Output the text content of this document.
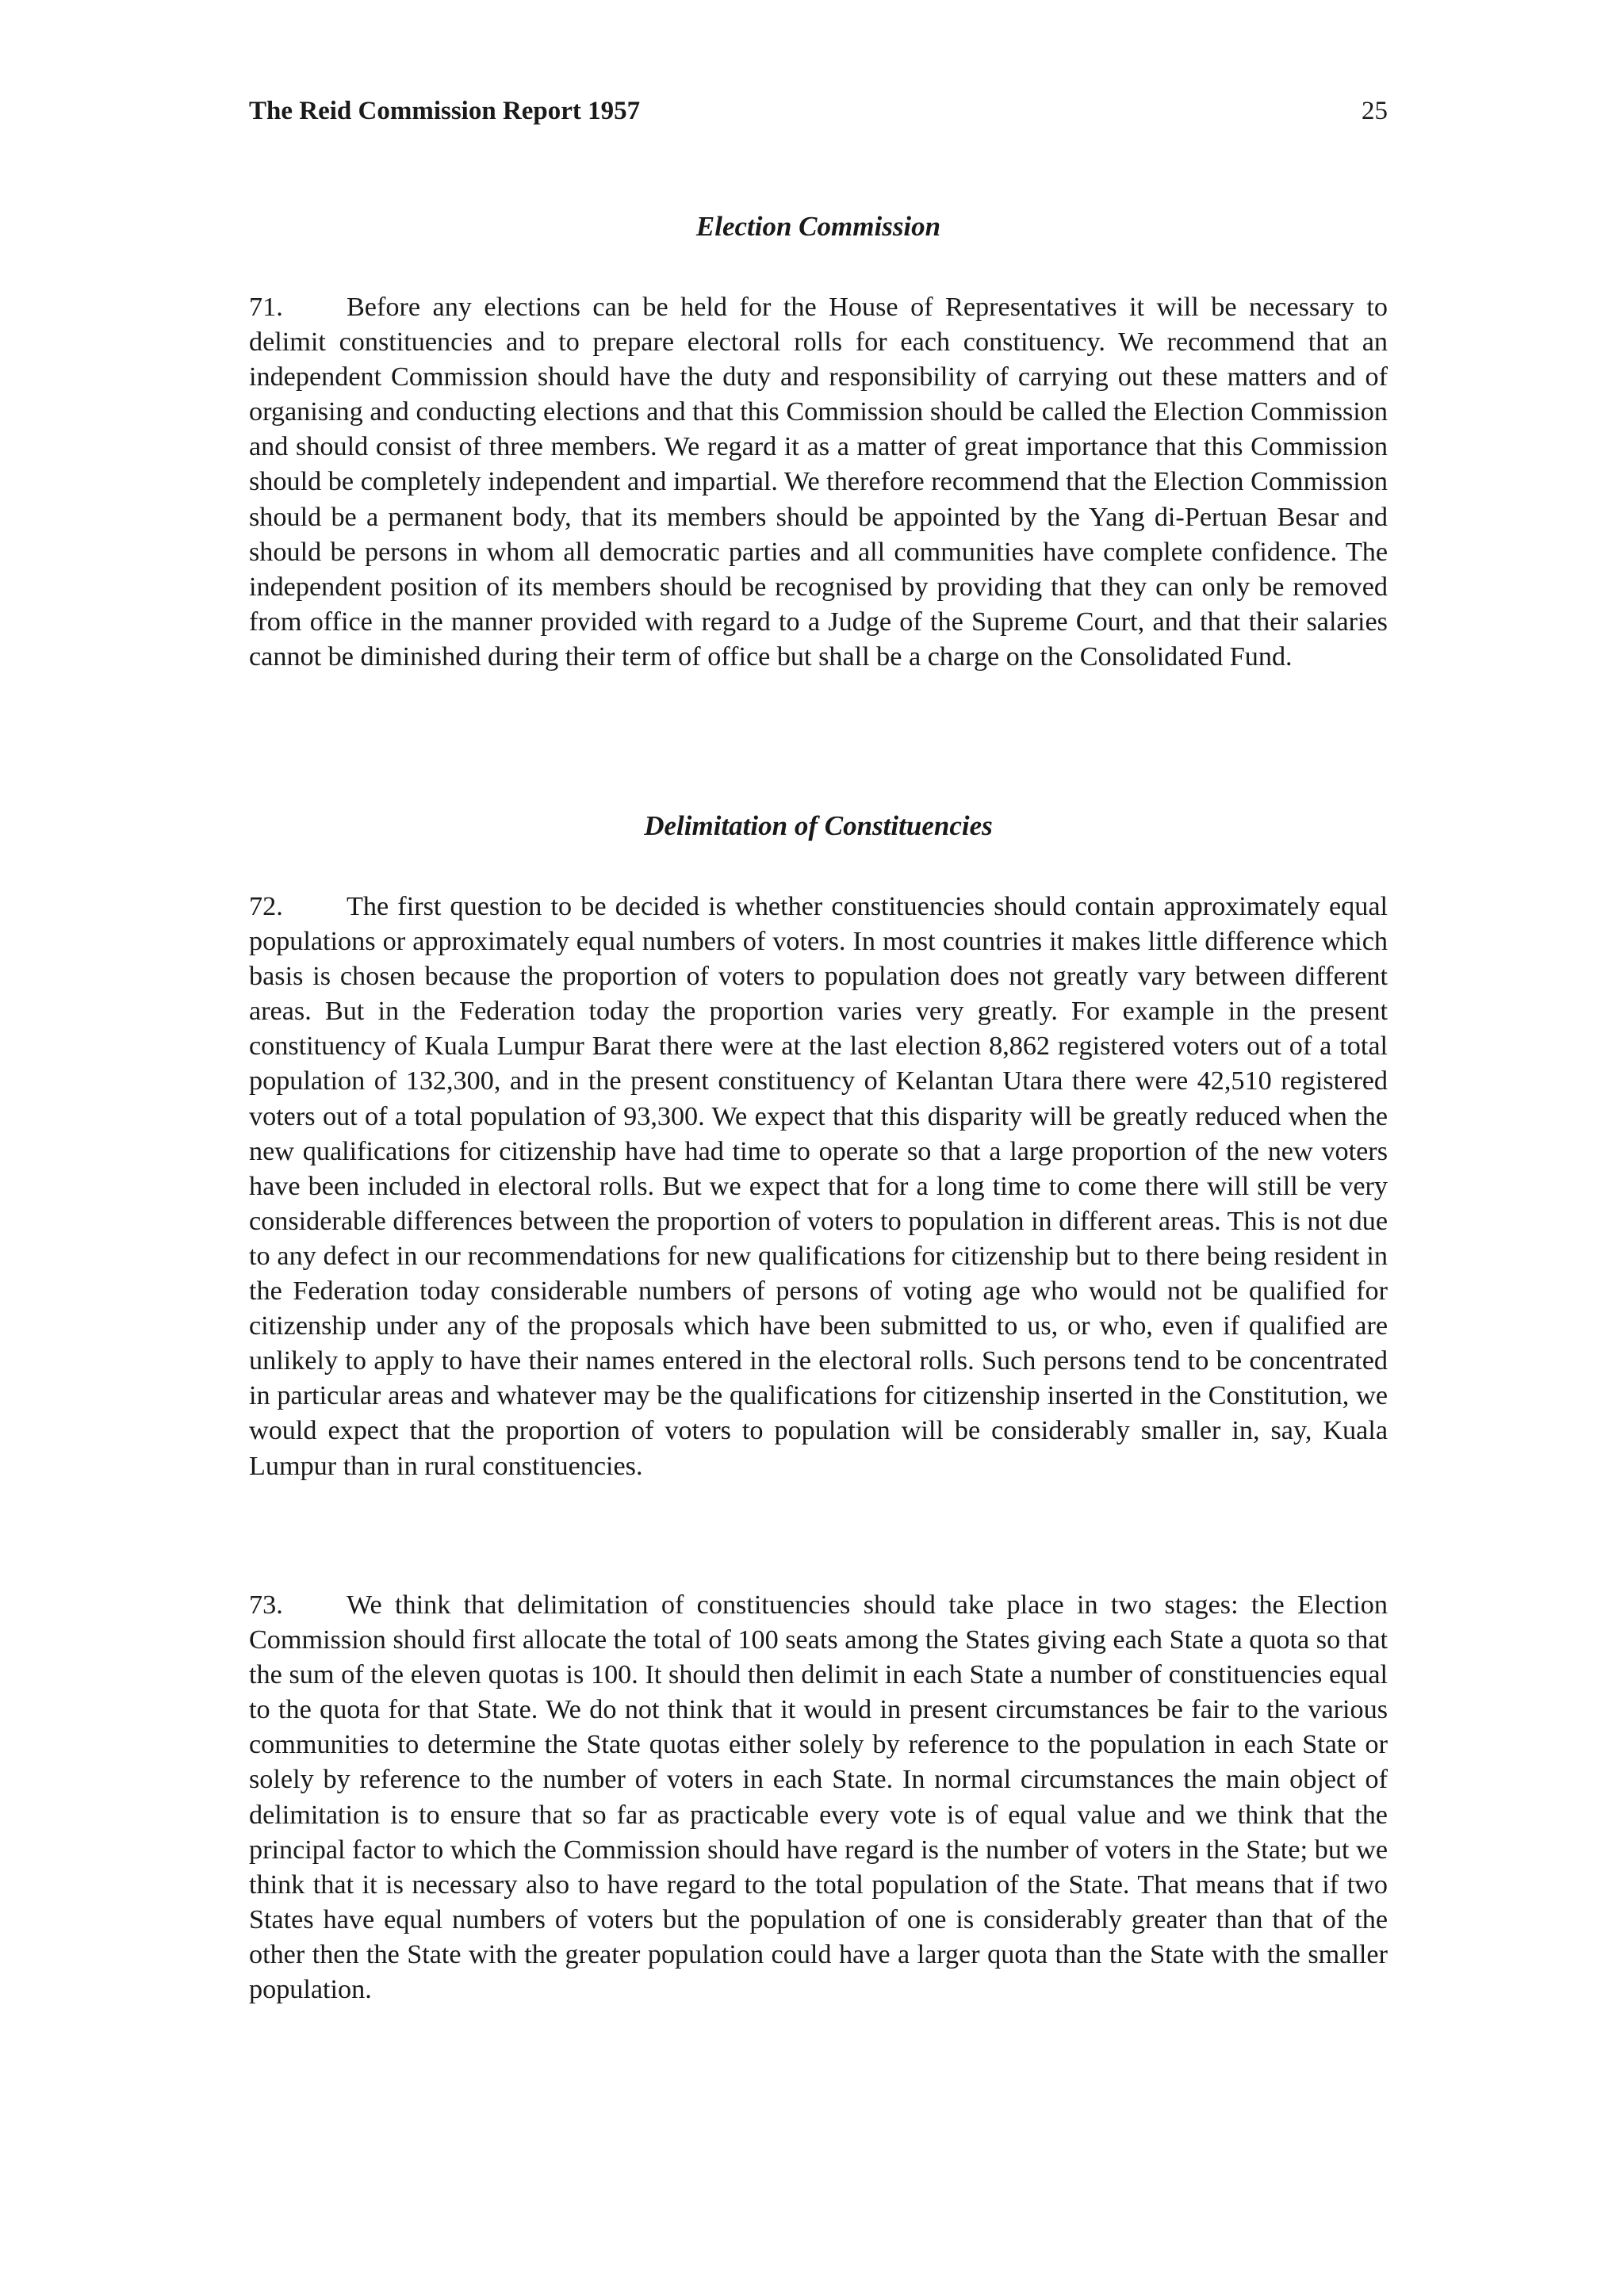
The Reid Commission Report 1957	25
Election Commission

71. Before any elections can be held for the House of Representatives it will be necessary to delimit constituencies and to prepare electoral rolls for each constituency. We recommend that an independent Commission should have the duty and responsibility of carrying out these matters and of organising and conducting elections and that this Commission should be called the Election Commission and should consist of three members. We regard it as a matter of great importance that this Commission should be completely independent and impartial. We therefore recommend that the Election Commission should be a permanent body, that its members should be appointed by the Yang di-Pertuan Besar and should be persons in whom all democratic parties and all communities have complete confidence. The independent position of its members should be recognised by providing that they can only be removed from office in the manner provided with regard to a Judge of the Supreme Court, and that their salaries cannot be diminished during their term of office but shall be a charge on the Consolidated Fund.

Delimitation of Constituencies

72. The first question to be decided is whether constituencies should contain approximately equal populations or approximately equal numbers of voters. In most countries it makes little difference which basis is chosen because the proportion of voters to population does not greatly vary between different areas. But in the Federation today the proportion varies very greatly. For example in the present constituency of Kuala Lumpur Barat there were at the last election 8,862 registered voters out of a total population of 132,300, and in the present constituency of Kelantan Utara there were 42,510 registered voters out of a total population of 93,300. We expect that this disparity will be greatly reduced when the new qualifications for citizenship have had time to operate so that a large proportion of the new voters have been included in electoral rolls. But we expect that for a long time to come there will still be very considerable differences between the proportion of voters to population in different areas. This is not due to any defect in our recommendations for new qualifications for citizenship but to there being resident in the Federation today considerable numbers of persons of voting age who would not be qualified for citizenship under any of the proposals which have been submitted to us, or who, even if qualified are unlikely to apply to have their names entered in the electoral rolls. Such persons tend to be concentrated in particular areas and whatever may be the qualifications for citizenship inserted in the Constitution, we would expect that the proportion of voters to population will be considerably smaller in, say, Kuala Lumpur than in rural constituencies.

73. We think that delimitation of constituencies should take place in two stages: the Election Commission should first allocate the total of 100 seats among the States giving each State a quota so that the sum of the eleven quotas is 100. It should then delimit in each State a number of constituencies equal to the quota for that State. We do not think that it would in present circumstances be fair to the various communities to determine the State quotas either solely by reference to the population in each State or solely by reference to the number of voters in each State. In normal circumstances the main object of delimitation is to ensure that so far as practicable every vote is of equal value and we think that the principal factor to which the Commission should have regard is the number of voters in the State; but we think that it is necessary also to have regard to the total population of the State. That means that if two States have equal numbers of voters but the population of one is considerably greater than that of the other then the State with the greater population could have a larger quota than the State with the smaller population.
